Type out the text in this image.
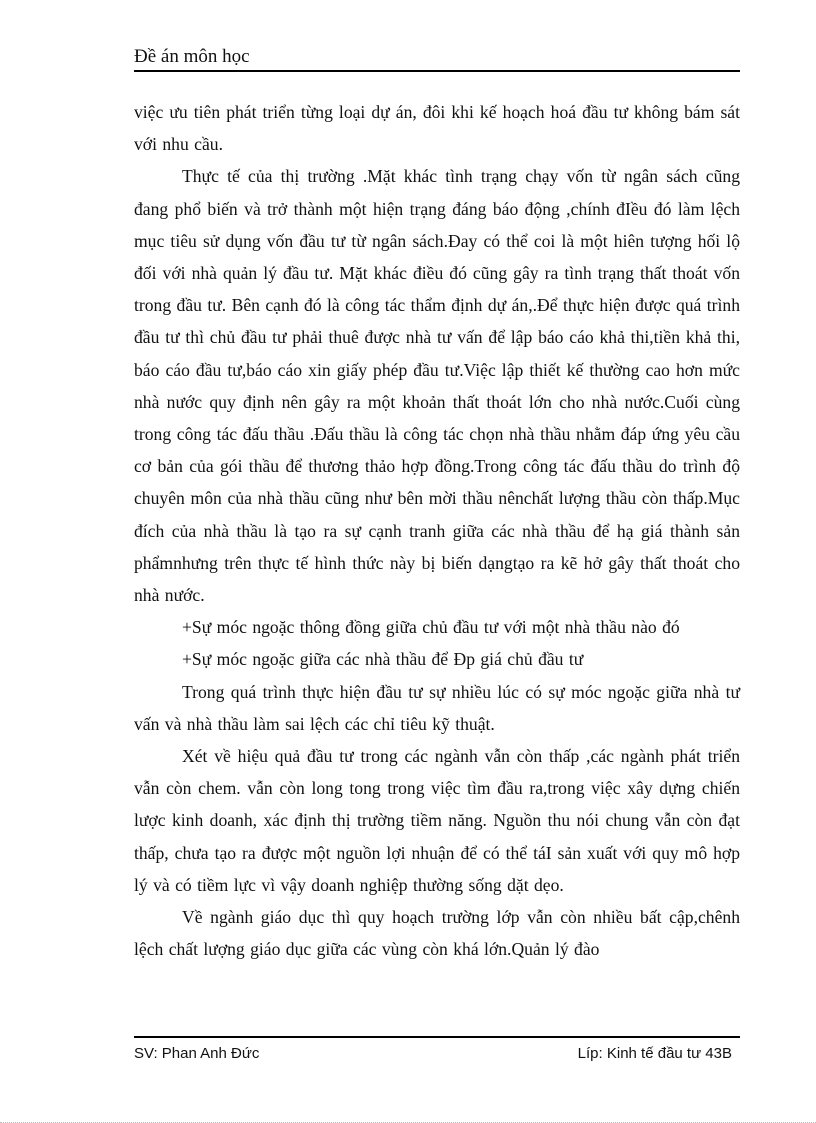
Đề án môn học

việc ưu tiên phát triển từng loại dự án, đôi khi kế hoạch hoá đầu tư không bám sát với nhu cầu.

Thực tế của thị trường .Mặt khác tình trạng chạy vốn từ ngân sách cũng đang phổ biến và trở thành một hiện trạng đáng báo động ,chính đIều đó làm lệch mục tiêu sử dụng vốn đầu tư từ ngân sách.Đay có thể coi là một hiên tượng hối lộ đối với nhà quản lý đầu tư. Mặt khác điều đó cũng gây ra tình trạng thất thoát vốn trong đầu tư. Bên cạnh đó là công tác thẩm định dự án,.Để thực hiện được quá trình đầu tư thì chủ đầu tư phải thuê được nhà tư vấn để lập báo cáo khả thi,tiền khả thi, báo cáo đầu tư,báo cáo xin giấy phép đầu tư.Việc lập thiết kế thường cao hơn mức nhà nước quy định nên gây ra một khoản thất thoát lớn cho nhà nước.Cuối cùng trong công tác đấu thầu .Đấu thầu là công tác chọn nhà thầu nhằm đáp ứng yêu cầu cơ bản của gói thầu để thương thảo hợp đồng.Trong công tác đấu thầu do trình độ chuyên môn của nhà thầu cũng như bên mời thầu nênchất lượng thầu còn thấp.Mục đích của nhà thầu là tạo ra sự cạnh tranh giữa các nhà thầu để hạ giá thành sản phẩmnhưng trên thực tế hình thức này bị biến dạngtạo ra kẽ hở gây thất thoát cho nhà nước.

+Sự móc ngoặc thông đồng giữa chủ đầu tư với một nhà thầu nào đó

+Sự móc ngoặc giữa các nhà thầu để Đp giá chủ đầu tư

Trong quá trình thực hiện đầu tư sự nhiều lúc có sự móc ngoặc giữa nhà tư vấn và nhà thầu làm sai lệch các chỉ tiêu kỹ thuật.

Xét về hiệu quả đầu tư trong các ngành vẫn còn thấp ,các ngành phát triển vẫn còn chem. vẫn còn long tong trong việc tìm đầu ra,trong việc xây dựng chiến lược kinh doanh, xác định thị trường tiềm năng. Nguồn thu nói chung vẫn còn đạt thấp, chưa tạo ra được một nguồn lợi nhuận để có thể táI sản xuất với quy mô hợp lý và có tiềm lực vì vậy doanh nghiệp thường sống dặt dẹo.

Về ngành giáo dục thì quy hoạch trường lớp vẫn còn nhiều bất cập,chênh lệch chất lượng giáo dục giữa các vùng còn khá lớn.Quản lý đào

SV: Phan Anh Đức	Líp: Kinh tế đầu tư 43B
